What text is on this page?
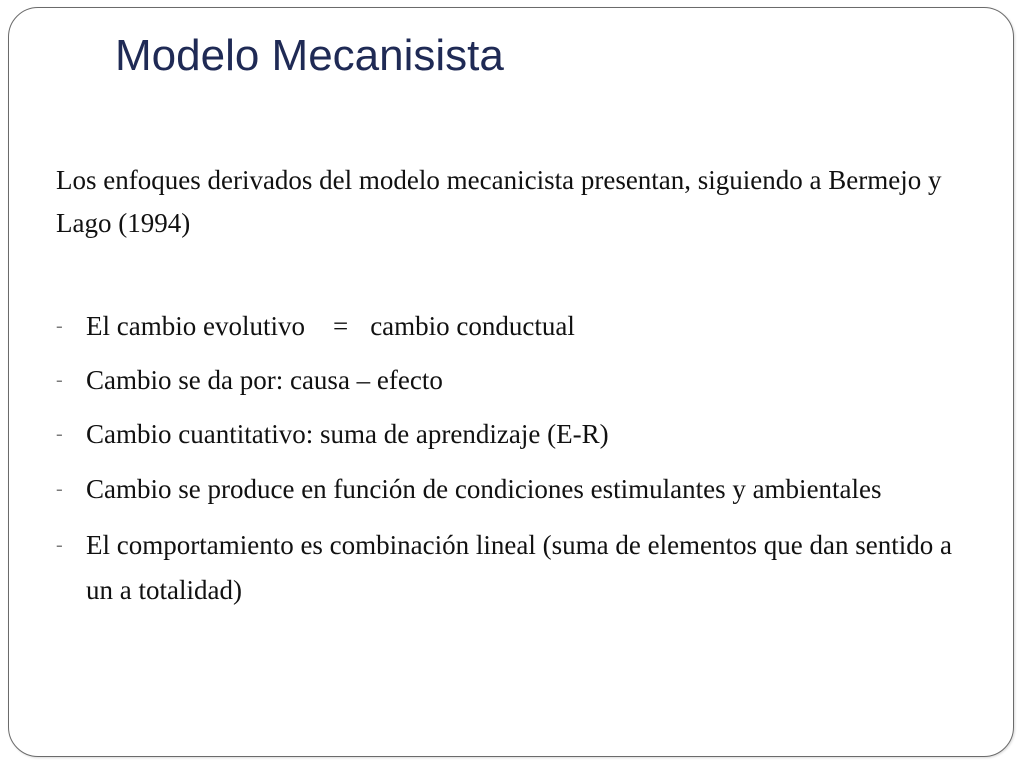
Modelo Mecanisista

Los enfoques derivados del modelo mecanicista presentan, siguiendo a Bermejo y Lago (1994)

- El cambio evolutivo = cambio conductual
- Cambio se da por: causa – efecto
- Cambio cuantitativo: suma de aprendizaje (E-R)
- Cambio se produce en función de condiciones estimulantes y ambientales
- El comportamiento es combinación lineal (suma de elementos que dan sentido a un a totalidad)
